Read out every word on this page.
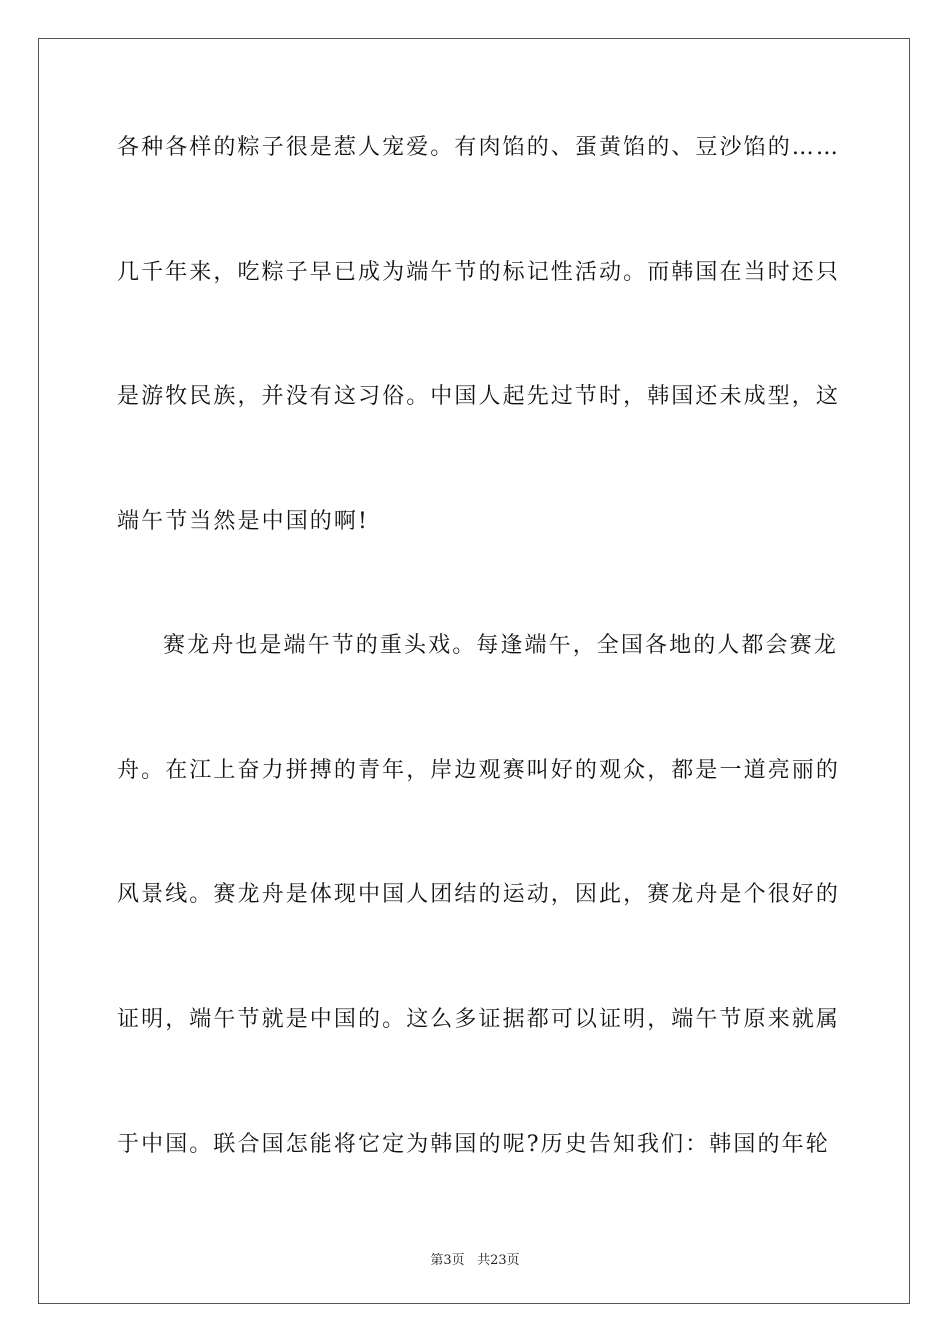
各种各样的粽子很是惹人宠爱。有肉馅的、蛋黄馅的、豆沙馅的……
几千年来，吃粽子早已成为端午节的标记性活动。而韩国在当时还只
是游牧民族，并没有这习俗。中国人起先过节时，韩国还未成型，这
端午节当然是中国的啊!
赛龙舟也是端午节的重头戏。每逢端午，全国各地的人都会赛龙
舟。在江上奋力拼搏的青年，岸边观赛叫好的观众，都是一道亮丽的
风景线。赛龙舟是体现中国人团结的运动，因此，赛龙舟是个很好的
证明，端午节就是中国的。这么多证据都可以证明，端午节原来就属
于中国。联合国怎能将它定为韩国的呢?历史告知我们：韩国的年轮
第3页 共23页
